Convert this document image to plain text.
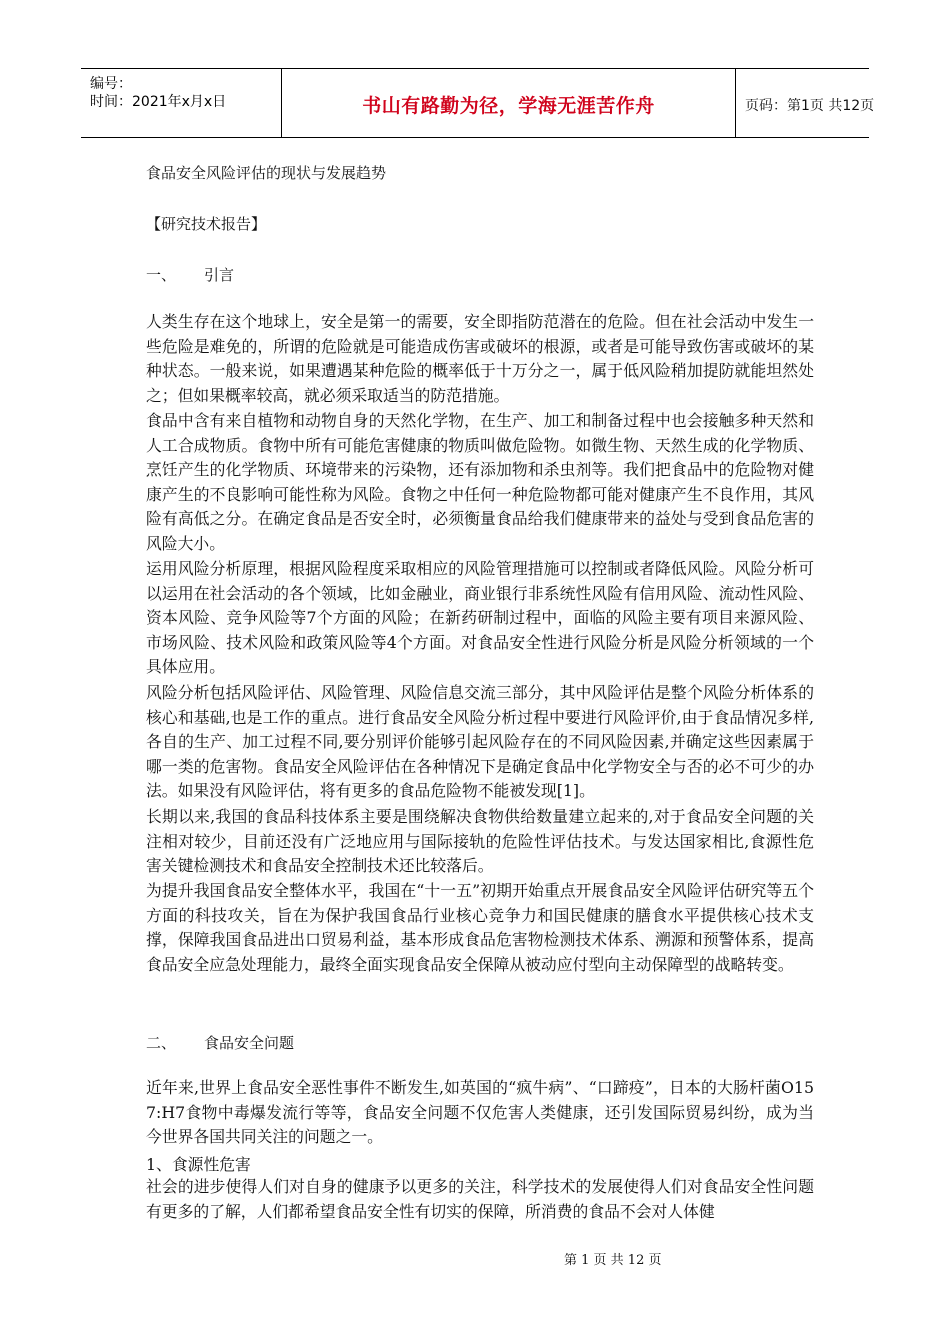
编号：
时间：2021年x月x日	书山有路勤为径，学海无涯苦作舟	页码：第1页 共12页
食品安全风险评估的现状与发展趋势
【研究技术报告】
一、 引言

人类生存在这个地球上，安全是第一的需要，安全即指防范潜在的危险。但在社会活动中发生一些危险是难免的，所谓的危险就是可能造成伤害或破坏的根源，或者是可能导致伤害或破坏的某种状态。一般来说，如果遭遇某种危险的概率低于十万分之一，属于低风险稍加提防就能坦然处之；但如果概率较高，就必须采取适当的防范措施。

食品中含有来自植物和动物自身的天然化学物，在生产、加工和制备过程中也会接触多种天然和人工合成物质。食物中所有可能危害健康的物质叫做危险物。如微生物、天然生成的化学物质、烹饪产生的化学物质、环境带来的污染物，还有添加物和杀虫剂等。我们把食品中的危险物对健康产生的不良影响可能性称为风险。食物之中任何一种危险物都可能对健康产生不良作用，其风险有高低之分。在确定食品是否安全时，必须衡量食品给我们健康带来的益处与受到食品危害的风险大小。

运用风险分析原理，根据风险程度采取相应的风险管理措施可以控制或者降低风险。风险分析可以运用在社会活动的各个领域，比如金融业，商业银行非系统性风险有信用风险、流动性风险、资本风险、竞争风险等7个方面的风险；在新药研制过程中，面临的风险主要有项目来源风险、市场风险、技术风险和政策风险等4个方面。对食品安全性进行风险分析是风险分析领域的一个具体应用。

风险分析包括风险评估、风险管理、风险信息交流三部分，其中风险评估是整个风险分析体系的核心和基础,也是工作的重点。进行食品安全风险分析过程中要进行风险评价,由于食品情况多样,各自的生产、加工过程不同,要分别评价能够引起风险存在的不同风险因素,并确定这些因素属于哪一类的危害物。食品安全风险评估在各种情况下是确定食品中化学物安全与否的必不可少的办法。如果没有风险评估，将有更多的食品危险物不能被发现[1]。

长期以来,我国的食品科技体系主要是围绕解决食物供给数量建立起来的,对于食品安全问题的关注相对较少，目前还没有广泛地应用与国际接轨的危险性评估技术。与发达国家相比,食源性危害关键检测技术和食品安全控制技术还比较落后。

为提升我国食品安全整体水平，我国在“十一五”初期开始重点开展食品安全风险评估研究等五个方面的科技攻关，旨在为保护我国食品行业核心竞争力和国民健康的膳食水平提供核心技术支撑，保障我国食品进出口贸易利益，基本形成食品危害物检测技术体系、溯源和预警体系，提高食品安全应急处理能力，最终全面实现食品安全保障从被动应付型向主动保障型的战略转变。

二、 食品安全问题

近年来,世界上食品安全恶性事件不断发生,如英国的“疯牛病”、“口蹄疫”，日本的大肠杆菌O157:H7食物中毒爆发流行等等，食品安全问题不仅危害人类健康，还引发国际贸易纠纷，成为当今世界各国共同关注的问题之一。

1、食源性危害

社会的进步使得人们对自身的健康予以更多的关注，科学技术的发展使得人们对食品安全性问题有更多的了解，人们都希望食品安全性有切实的保障，所消费的食品不会对人体健

第 1 页 共 12 页
